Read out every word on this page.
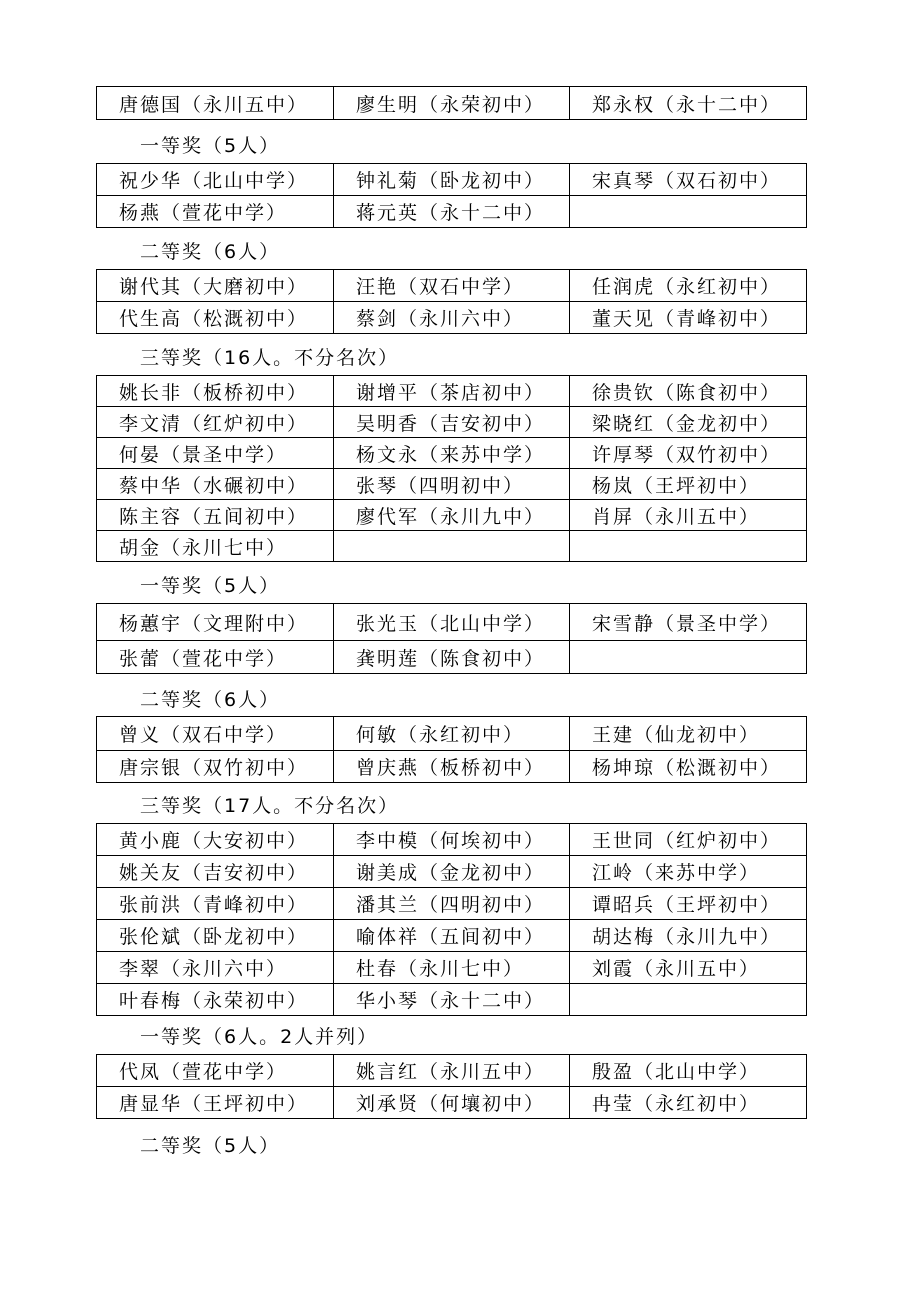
唐德国（永川五中）	廖生明（永荣初中）	郑永权（永十二中）
一等奖（5人）
祝少华（北山中学）	钟礼菊（卧龙初中）	宋真琴（双石初中）
杨燕（萱花中学）	蒋元英（永十二中）	
二等奖（6人）
谢代其（大磨初中）	汪艳（双石中学）	任润虎（永红初中）
代生高（松溉初中）	蔡剑（永川六中）	董天见（青峰初中）
三等奖（16人。不分名次）
姚长非（板桥初中）	谢增平（茶店初中）	徐贵钦（陈食初中）
李文清（红炉初中）	吴明香（吉安初中）	梁晓红（金龙初中）
何晏（景圣中学）	杨文永（来苏中学）	许厚琴（双竹初中）
蔡中华（水碾初中）	张琴（四明初中）	杨岚（王坪初中）
陈主容（五间初中）	廖代军（永川九中）	肖屏（永川五中）
胡金（永川七中）		
一等奖（5人）
杨蕙宇（文理附中）	张光玉（北山中学）	宋雪静（景圣中学）
张蕾（萱花中学）	龚明莲（陈食初中）	
二等奖（6人）
曾义（双石中学）	何敏（永红初中）	王建（仙龙初中）
唐宗银（双竹初中）	曾庆燕（板桥初中）	杨坤琼（松溉初中）
三等奖（17人。不分名次）
黄小鹿（大安初中）	李中模（何埃初中）	王世同（红炉初中）
姚关友（吉安初中）	谢美成（金龙初中）	江岭（来苏中学）
张前洪（青峰初中）	潘其兰（四明初中）	谭昭兵（王坪初中）
张伦斌（卧龙初中）	喻体祥（五间初中）	胡达梅（永川九中）
李翠（永川六中）	杜春（永川七中）	刘霞（永川五中）
叶春梅（永荣初中）	华小琴（永十二中）	
一等奖（6人。2人并列）
代凤（萱花中学）	姚言红（永川五中）	殷盈（北山中学）
唐显华（王坪初中）	刘承贤（何壤初中）	冉莹（永红初中）
二等奖（5人）
